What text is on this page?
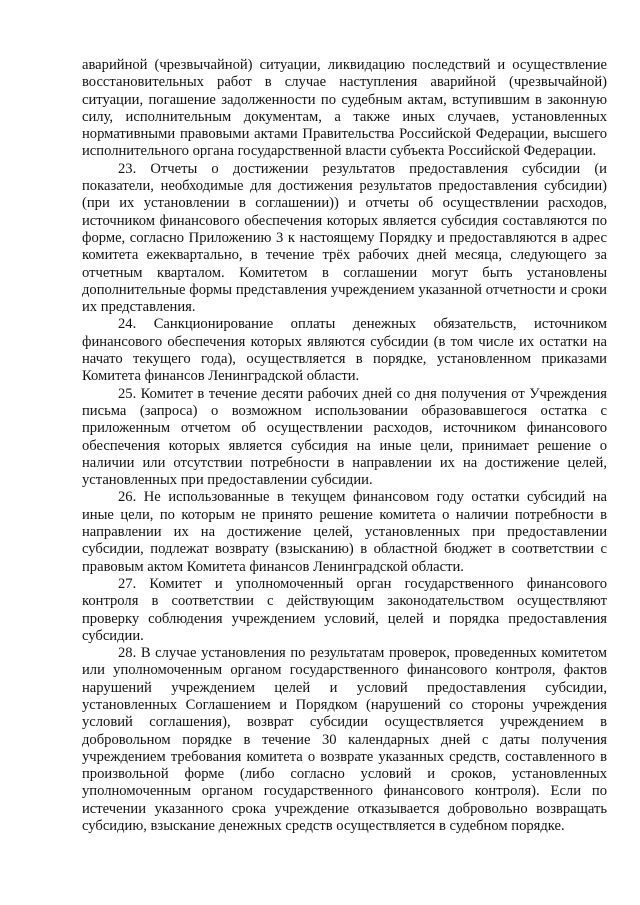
аварийной (чрезвычайной) ситуации, ликвидацию последствий и осуществление восстановительных работ в случае наступления аварийной (чрезвычайной) ситуации, погашение задолженности по судебным актам, вступившим в законную силу, исполнительным документам, а также иных случаев, установленных нормативными правовыми актами Правительства Российской Федерации, высшего исполнительного органа государственной власти субъекта Российской Федерации.

23. Отчеты о достижении результатов предоставления субсидии (и показатели, необходимые для достижения результатов предоставления субсидии) (при их установлении в соглашении)) и отчеты об осуществлении расходов, источником финансового обеспечения которых является субсидия составляются по форме, согласно Приложению 3 к настоящему Порядку и предоставляются в адрес комитета ежеквартально, в течение трёх рабочих дней месяца, следующего за отчетным кварталом. Комитетом в соглашении могут быть установлены дополнительные формы представления учреждением указанной отчетности и сроки их представления.

24. Санкционирование оплаты денежных обязательств, источником финансового обеспечения которых являются субсидии (в том числе их остатки на начато текущего года), осуществляется в порядке, установленном приказами Комитета финансов Ленинградской области.

25. Комитет в течение десяти рабочих дней со дня получения от Учреждения письма (запроса) о возможном использовании образовавшегося остатка с приложенным отчетом об осуществлении расходов, источником финансового обеспечения которых является субсидия на иные цели, принимает решение о наличии или отсутствии потребности в направлении их на достижение целей, установленных при предоставлении субсидии.

26. Не использованные в текущем финансовом году остатки субсидий на иные цели, по которым не принято решение комитета о наличии потребности в направлении их на достижение целей, установленных при предоставлении субсидии, подлежат возврату (взысканию) в областной бюджет в соответствии с правовым актом Комитета финансов Ленинградской области.

27. Комитет и уполномоченный орган государственного финансового контроля в соответствии с действующим законодательством осуществляют проверку соблюдения учреждением условий, целей и порядка предоставления субсидии.

28. В случае установления по результатам проверок, проведенных комитетом или уполномоченным органом государственного финансового контроля, фактов нарушений учреждением целей и условий предоставления субсидии, установленных Соглашением и Порядком (нарушений со стороны учреждения условий соглашения), возврат субсидии осуществляется учреждением в добровольном порядке в течение 30 календарных дней с даты получения учреждением требования комитета о возврате указанных средств, составленного в произвольной форме (либо согласно условий и сроков, установленных уполномоченным органом государственного финансового контроля). Если по истечении указанного срока учреждение отказывается добровольно возвращать субсидию, взыскание денежных средств осуществляется в судебном порядке.
